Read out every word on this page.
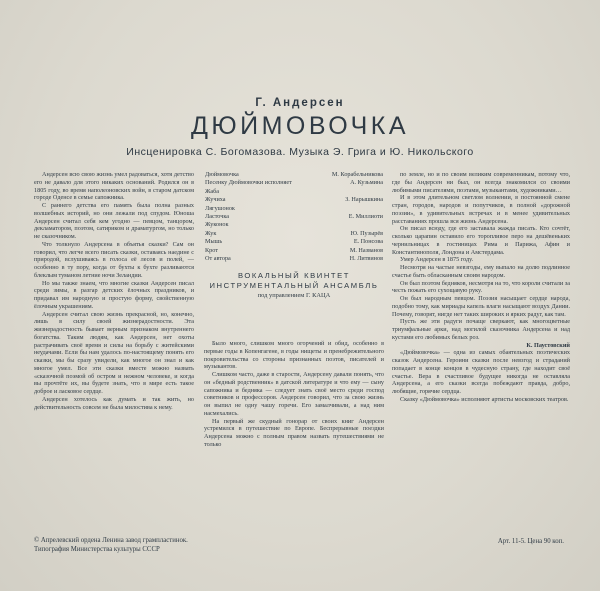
Г. Андерсен
ДЮЙМОВОЧКА
Инсценировка С. Богомазова. Музыка Э. Грига и Ю. Никольского

Андерсен всю свою жизнь умел радоваться, хотя детство его не давало для этого никаких оснований. Родился он в 1805 году, во время наполеоновских войн, в старом датском городе Оденсе в семье сапожника.

С раннего детства его память была полна разных волшебных историй, но они лежали под спудом. Юноша Андерсен считал себя кем угодно — певцом, танцором, декламатором, поэтом, сатириком и драматургом, но только не сказочником.

Что толкнуло Андерсена в объятья сказки? Сам он говорил, что легче всего писать сказки, оставаясь наедине с природой, вслушиваясь в голоса её лесов и полей, — особенно в ту пору, когда от бухты к бухте разливаются блеклым туманом летние ночи Зеландии.

Но мы также знаем, что многие сказки Андерсен писал среди зимы, в разгар детских ёлочных праздников, и придавал им народную и простую форму, свойственную ёлочным украшениям.

Андерсен считал свою жизнь прекрасной, но, конечно, лишь в силу своей жизнерадостности. Эта жизнерадостность бывает верным признаком внутреннего богатства. Таким людям, как Андерсен, нет охоты растрачивать своё время и силы на борьбу с житейскими неудачами. Если бы нам удалось по-настоящему понять его сказки, мы бы сразу увидели, как многое он знал и как многое умел. Все эти сказки вместе можно назвать «сказочной поэмой об остром и нежном человеке, и когда вы прочтёте их, вы будете знать, что в мире есть такое доброе и ласковое сердце.

Андерсен хотелось как думать и так жить, но действительность совсем не была милостива к нему.

Дюймовочка	М. Корабельникова
Песенку Дюймовочки исполняет	А. Кузьмина
Жаба
Жучиха	З. Нарышкина
Лягушонок
Ласточка	Е. Миллиоти
Жуконок
Жук	Ю. Пузырёв
Мышь	Е. Понсова
Крот	М. Названов
От автора	Н. Литвинов
ВОКАЛЬНЫЙ КВИНТЕТ
ИНСТРУМЕНТАЛЬНЫЙ АНСАМБЛЬ
под управлением Г. КАЦА

Было много, слишком много огорчений и обид, особенно в первые годы в Копенгагене, в годы нищеты и пренебрежительного покровительства со стороны признанных поэтов, писателей и музыкантов.

Слишком часто, даже в старости, Андерсену давали понять, что он «бедный родственник» в датской литературе и что ему — сыну сапожника и бедняка — следует знать своё место среди господ советников и профессоров. Андерсен говорил, что за свою жизнь он выпил не одну чашу горечи. Его замалчивали, а над ним насмехались.

На первый же скудный гонорар от своих книг Андерсен устремился в путешествие по Европе. Беспрерывные поездки Андерсена можно с полным правом назвать путешествиями не только

по земле, но и по своим великим современникам, потому что, где бы Андерсен ни был, он всегда знакомился со своими любимыми писателями, поэтами, музыкантами, художниками…

И в этом длительном светлом волнении, в постоянной смене стран, городов, народов и попутчиков, в полной «дорожной поэзии», в удивительных встречах и в менее удивительных расставаниях прошла вся жизнь Андерсена.

Он писал всюду, где его заставала жажда писать. Кто сочтёт, сколько царапин оставило его торопливое перо на дешёвеньких чернильницах в гостиницах Рима и Парижа, Афин и Константинополя, Лондона и Амстердама.

Умер Андерсен в 1875 году.

Несмотря на частые невзгоды, ему выпало на долю подлинное счастье быть обласканным своим народом.

Он был поэтом бедняков, несмотря на то, что короли считали за честь пожать его сухощавую руку.

Он был народным певцом. Поэзия насыщает сердце народа, подобно тому, как мириады капель влаги насыщают воздух Дании. Почему, говорят, нигде нет таких широких и ярких радуг, как там.

Пусть же эти радуги почаще сверкают, как многоцветные триумфальные арки, над могилой сказочника Андерсена и над кустами его любимых белых роз.

К. Паустовский

«Дюймовочка» — одна из самых обаятельных поэтических сказок Андерсена. Героини сказки после невзгод и страданий попадает в конце концов в чудесную страну, где находит своё счастье. Вера в счастливое будущее никогда не оставляла Андерсена, а его сказки всегда побеждают правда, добро, любящие, горячие сердца.

Сказку «Дюймовочка» исполняют артисты московских театров.

© Апрелевский ордена Ленина завод грампластинок.
Типография Министерства культуры СССР
Арт. 11-5. Цена 90 коп.
